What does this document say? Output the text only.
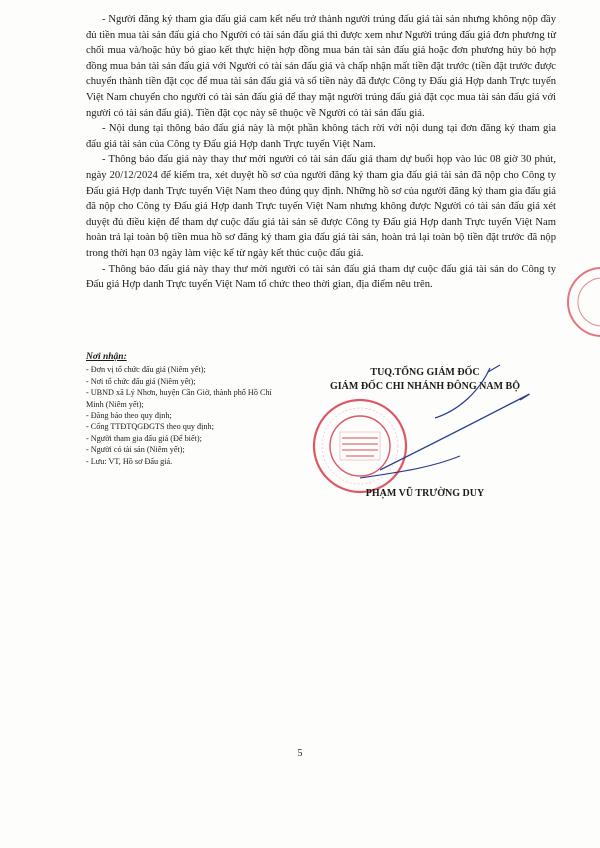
- Người đăng ký tham gia đấu giá cam kết nếu trở thành người trúng đấu giá tài sản nhưng không nộp đầy đủ tiền mua tài sản đấu giá cho Người có tài sản đấu giá thì được xem như Người trúng đấu giá đơn phương từ chối mua và/hoặc hủy bỏ giao kết thực hiện hợp đồng mua bán tài sản đấu giá hoặc đơn phương hủy bỏ hợp đồng mua bán tài sản đấu giá với Người có tài sản đấu giá và chấp nhận mất tiền đặt trước (tiền đặt trước được chuyển thành tiền đặt cọc để mua tài sản đấu giá và số tiền này đã được Công ty Đấu giá Hợp danh Trực tuyến Việt Nam chuyển cho người có tài sản đấu giá để thay mặt người trúng đấu giá đặt cọc mua tài sản đấu giá với người có tài sản đấu giá). Tiền đặt cọc này sẽ thuộc về Người có tài sản đấu giá.

- Nội dung tại thông báo đấu giá này là một phần không tách rời với nội dung tại đơn đăng ký tham gia đấu giá tài sản của Công ty Đấu giá Hợp danh Trực tuyến Việt Nam.

- Thông báo đấu giá này thay thư mời người có tài sản đấu giá tham dự buổi họp vào lúc 08 giờ 30 phút, ngày 20/12/2024 để kiểm tra, xét duyệt hồ sơ của người đăng ký tham gia đấu giá tài sản đã nộp cho Công ty Đấu giá Hợp danh Trực tuyến Việt Nam theo đúng quy định. Những hồ sơ của người đăng ký tham gia đấu giá đã nộp cho Công ty Đấu giá Hợp danh Trực tuyến Việt Nam nhưng không được Người có tài sản đấu giá xét duyệt đủ điều kiện để tham dự cuộc đấu giá tài sản sẽ được Công ty Đấu giá Hợp danh Trực tuyến Việt Nam hoàn trả lại toàn bộ tiền mua hồ sơ đăng ký tham gia đấu giá tài sản, hoàn trả lại toàn bộ tiền đặt trước đã nộp trong thời hạn 03 ngày làm việc kể từ ngày kết thúc cuộc đấu giá.

- Thông báo đấu giá này thay thư mời người có tài sản đấu giá tham dự cuộc đấu giá tài sản do Công ty Đấu giá Hợp danh Trực tuyến Việt Nam tổ chức theo thời gian, địa điểm nêu trên.

Nơi nhận:
- Đơn vị tổ chức đấu giá (Niêm yết);
- Nơi tổ chức đấu giá (Niêm yết);
- UBND xã Lý Nhơn, huyện Cần Giờ, thành phố Hồ Chí Minh (Niêm yết);
- Đăng báo theo quy định;
- Cổng TTĐTQGĐGTS theo quy định;
- Người tham gia đấu giá (Để biết);
- Người có tài sản (Niêm yết);
- Lưu: VT, Hồ sơ Đấu giá.
TUQ.TỔNG GIÁM ĐỐC
GIÁM ĐỐC CHI NHÁNH ĐÔNG NAM BỘ
PHẠM VŨ TRƯỜNG DUY
5
